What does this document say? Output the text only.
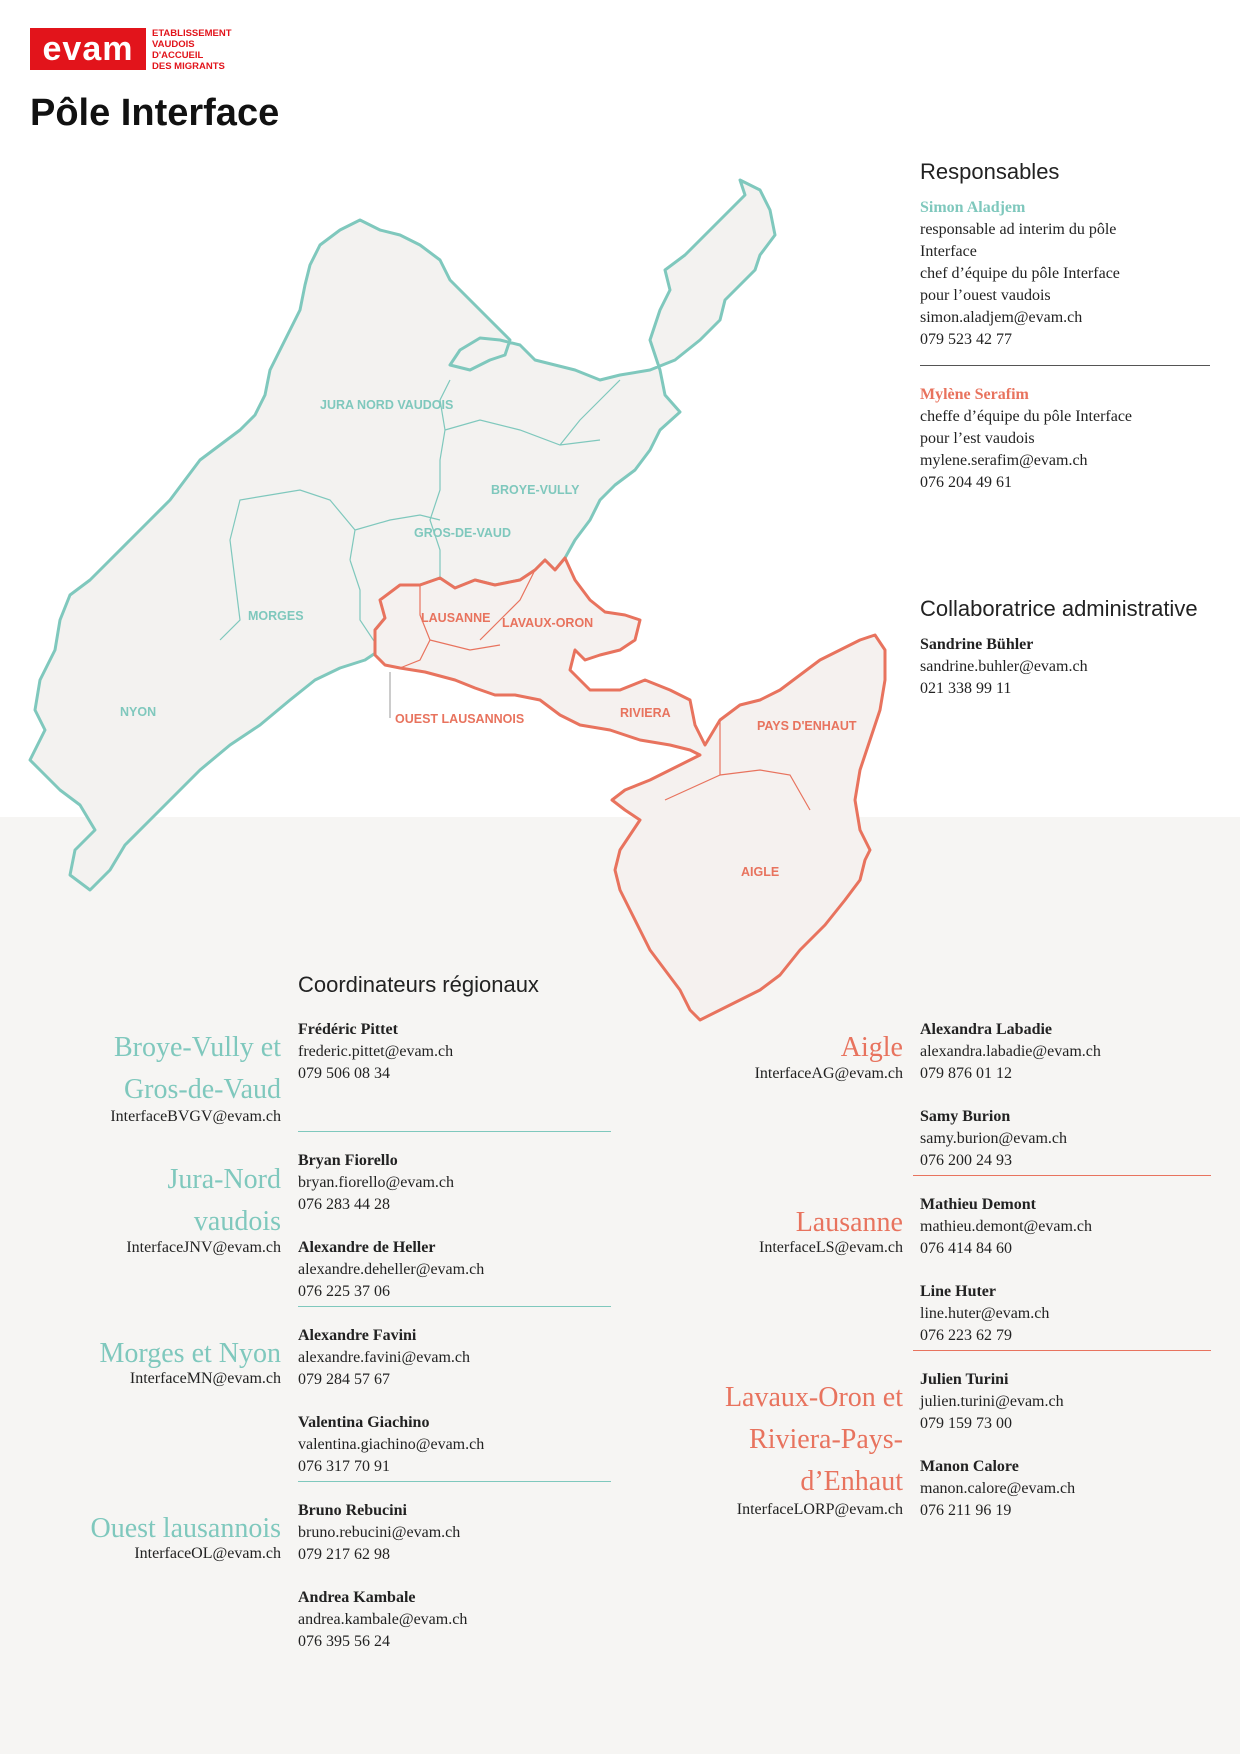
evam	ETABLISSEMENT
VAUDOIS
D'ACCUEIL
DES MIGRANTS
Pôle Interface
JURA NORD VAUDOIS
BROYE-VULLY
GROS-DE-VAUD
MORGES
NYON
LAUSANNE LAVAUX-ORON
OUEST LAUSANNOIS	RIVIERA
PAYS D'ENHAUT
AIGLE
Responsables
Simon Aladjem
responsable ad interim du pôle
Interface
chef d’équipe du pôle Interface
pour l’ouest vaudois
simon.aladjem@evam.ch
079 523 42 77
Mylène Serafim
cheffe d’équipe du pôle Interface
pour l’est vaudois
mylene.serafim@evam.ch
076 204 49 61
Collaboratrice administrative
Sandrine Bühler
sandrine.buhler@evam.ch
021 338 99 11
Coordinateurs régionaux
Broye-Vully et
Gros-de-Vaud
InterfaceBVGV@evam.ch
Frédéric Pittet
frederic.pittet@evam.ch
079 506 08 34
Jura-Nord
vaudois
InterfaceJNV@evam.ch
Bryan Fiorello
bryan.fiorello@evam.ch
076 283 44 28
Alexandre de Heller
alexandre.deheller@evam.ch
076 225 37 06
Morges et Nyon
InterfaceMN@evam.ch
Alexandre Favini
alexandre.favini@evam.ch
079 284 57 67
Valentina Giachino
valentina.giachino@evam.ch
076 317 70 91
Ouest lausannois
InterfaceOL@evam.ch
Bruno Rebucini
bruno.rebucini@evam.ch
079 217 62 98
Andrea Kambale
andrea.kambale@evam.ch
076 395 56 24
Aigle
InterfaceAG@evam.ch
Alexandra Labadie
alexandra.labadie@evam.ch
079 876 01 12
Samy Burion
samy.burion@evam.ch
076 200 24 93
Lausanne
InterfaceLS@evam.ch
Mathieu Demont
mathieu.demont@evam.ch
076 414 84 60
Line Huter
line.huter@evam.ch
076 223 62 79
Lavaux-Oron et
Riviera-Pays-
d’Enhaut
InterfaceLORP@evam.ch
Julien Turini
julien.turini@evam.ch
079 159 73 00
Manon Calore
manon.calore@evam.ch
076 211 96 19
